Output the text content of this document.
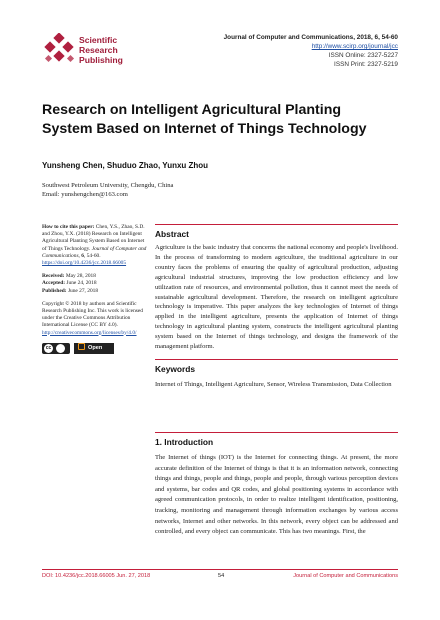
Scientific
Research
Publishing
Journal of Computer and Communications, 2018, 6, 54-60
http://www.scirp.org/journal/jcc
ISSN Online: 2327-5227
ISSN Print: 2327-5219
Research on Intelligent Agricultural Planting
System Based on Internet of Things Technology
Yunsheng Chen, Shuduo Zhao, Yunxu Zhou
Southwest Petroleum University, Chengdu, China
Email: yunshengchen@163.com

How to cite this paper: Chen, Y.S., Zhao, S.D. and Zhou, Y.X. (2018) Research on Intelligent Agricultural Planting System Based on Internet of Things Technology. Journal of Computer and Communications, 6, 54-60.
https://doi.org/10.4236/jcc.2018.66005

Received: May 28, 2018
Accepted: June 24, 2018
Published: June 27, 2018

Copyright © 2018 by authors and Scientific Research Publishing Inc. This work is licensed under the Creative Commons Attribution International License (CC BY 4.0).
http://creativecommons.org/licenses/by/4.0/

cc	Open Access
Abstract
Agriculture is the basic industry that concerns the national economy and people's livelihood. In the process of transforming to modern agriculture, the traditional agriculture in our country faces the problems of ensuring the quality of agricultural production, adjusting agricultural industrial structures, improving the low production efficiency and low utilization rate of resources, and environmental pollution, thus it cannot meet the needs of sustainable agricultural development. Therefore, the research on intelligent agriculture technology is imperative. This paper analyzes the key technologies of Internet of things applied in the intelligent agriculture, presents the application of Internet of things technology in agricultural planting system, constructs the intelligent agricultural planting system based on the Internet of things technology, and designs the framework of the management platform.
Keywords
Internet of Things, Intelligent Agriculture, Sensor, Wireless Transmission, Data Collection
1. Introduction
The Internet of things (IOT) is the Internet for connecting things. At present, the more accurate definition of the Internet of things is that it is an information network, connecting things and things, people and things, people and people, through various perception devices and systems, bar codes and QR codes, and global positioning systems in accordance with agreed communication protocols, in order to realize intelligent identification, positioning, tracking, monitoring and management through information exchanges by various access networks, Internet and other networks. In this network, every object can be addressed and controlled, and every object can communicate. This has two meanings. First, the
DOI: 10.4236/jcc.2018.66005 Jun. 27, 2018	54	Journal of Computer and Communications
